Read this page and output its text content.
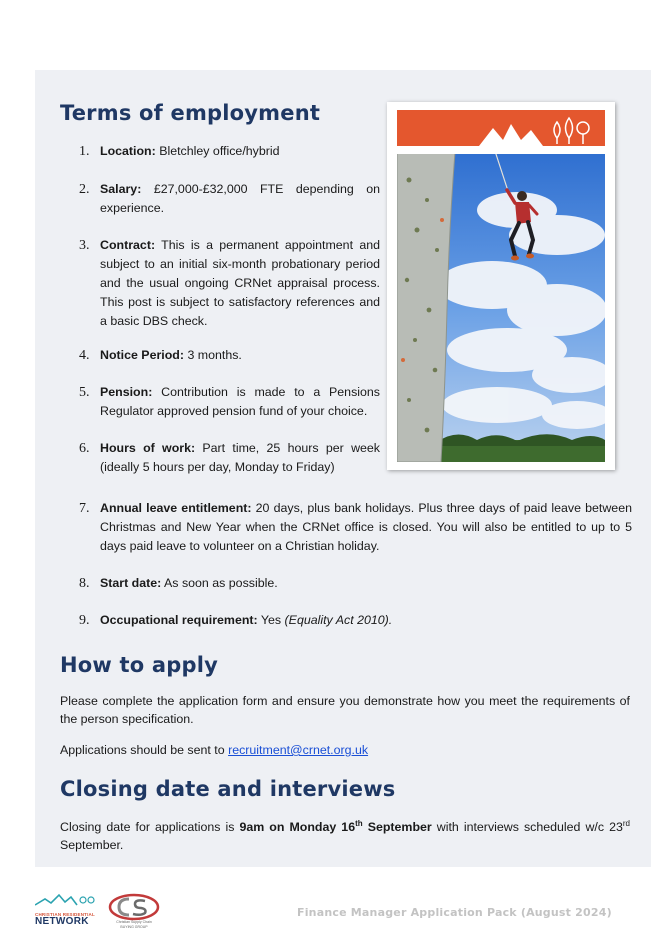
Terms of employment
1. Location: Bletchley office/hybrid
2. Salary: £27,000-£32,000 FTE depending on experience.
3. Contract: This is a permanent appointment and subject to an initial six-month probationary period and the usual ongoing CRNet appraisal process. This post is subject to satisfactory references and a basic DBS check.
4. Notice Period: 3 months.
5. Pension: Contribution is made to a Pensions Regulator approved pension fund of your choice.
6. Hours of work: Part time, 25 hours per week (ideally 5 hours per day, Monday to Friday)
7. Annual leave entitlement: 20 days, plus bank holidays. Plus three days of paid leave between Christmas and New Year when the CRNet office is closed. You will also be entitled to up to 5 days paid leave to volunteer on a Christian holiday.
8. Start date: As soon as possible.
9. Occupational requirement: Yes (Equality Act 2010).
How to apply

Please complete the application form and ensure you demonstrate how you meet the requirements of the person specification.

Applications should be sent to recruitment@crnet.org.uk

Closing date and interviews

Closing date for applications is 9am on Monday 16th September with interviews scheduled w/c 23rd September.

CHRISTIAN RESIDENTIAL
NETWORK	Christian Supply Chain
BUYING GROUP
Finance Manager Application Pack (August 2024)
